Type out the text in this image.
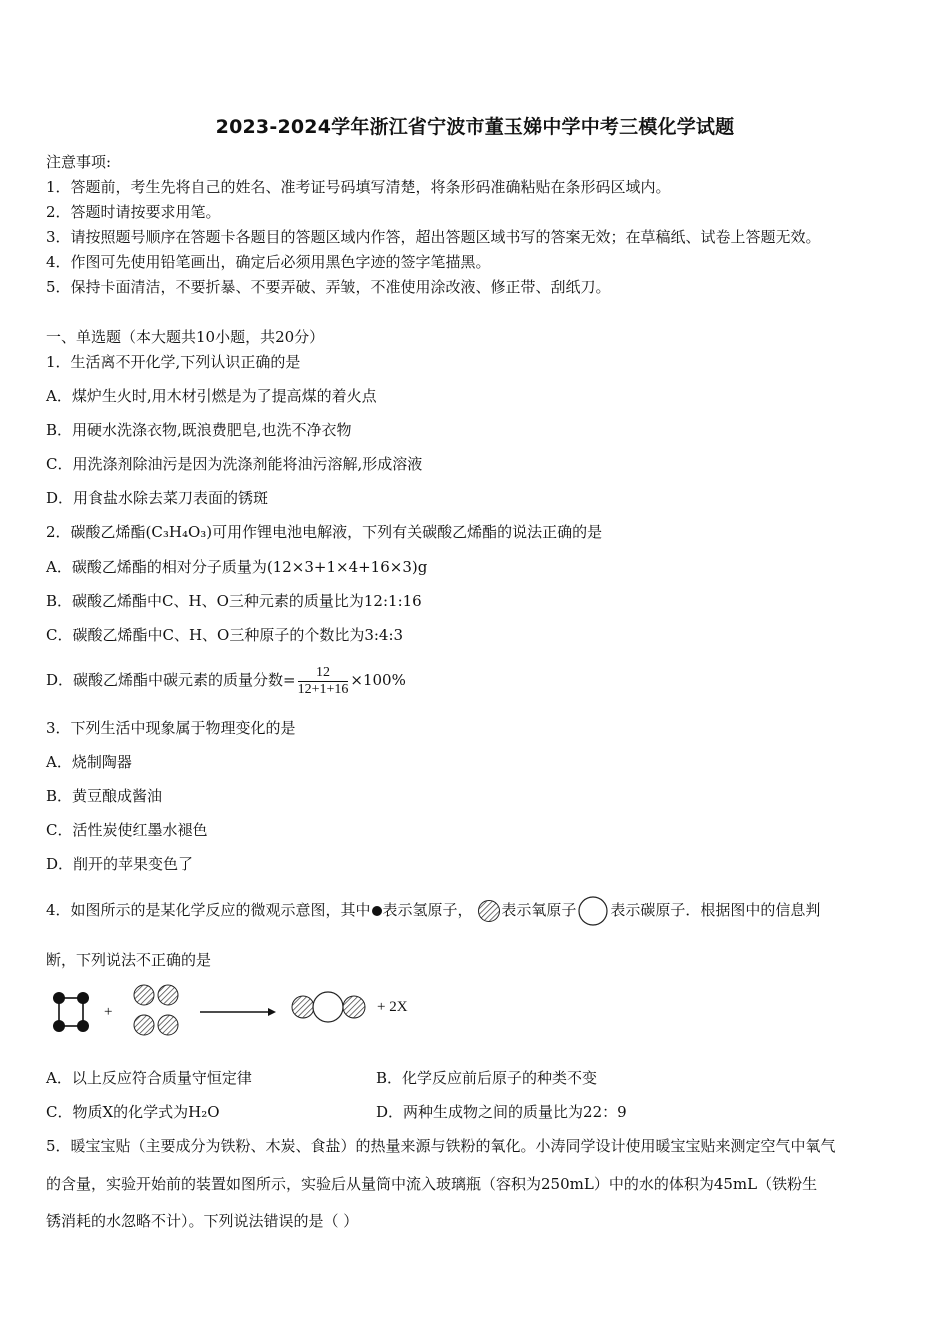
2023-2024学年浙江省宁波市董玉娣中学中考三模化学试题
注意事项:
1．答题前，考生先将自己的姓名、准考证号码填写清楚，将条形码准确粘贴在条形码区域内。
2．答题时请按要求用笔。
3．请按照题号顺序在答题卡各题目的答题区域内作答，超出答题区域书写的答案无效；在草稿纸、试卷上答题无效。
4．作图可先使用铅笔画出，确定后必须用黑色字迹的签字笔描黑。
5．保持卡面清洁，不要折暴、不要弄破、弄皱，不准使用涂改液、修正带、刮纸刀。
一、单选题（本大题共10小题，共20分）
1．生活离不开化学,下列认识正确的是
A．煤炉生火时,用木材引燃是为了提高煤的着火点
B．用硬水洗涤衣物,既浪费肥皂,也洗不净衣物
C．用洗涤剂除油污是因为洗涤剂能将油污溶解,形成溶液
D．用食盐水除去菜刀表面的锈斑
2．碳酸乙烯酯(C₃H₄O₃)可用作锂电池电解液，下列有关碳酸乙烯酯的说法正确的是
A．碳酸乙烯酯的相对分子质量为(12×3+1×4+16×3)g
B．碳酸乙烯酯中C、H、O三种元素的质量比为12:1:16
C．碳酸乙烯酯中C、H、O三种原子的个数比为3:4:3
D．碳酸乙烯酯中碳元素的质量分数= $\frac{12}{12+1+16} \times 100\%$
3．下列生活中现象属于物理变化的是
A．烧制陶器
B．黄豆酿成酱油
C．活性炭使红墨水褪色
D．削开的苹果变色了
4．如图所示的是某化学反应的微观示意图，其中 表示氢原子， 表示氧原子 表示碳原子．根据图中的信息判
断，下列说法不正确的是
+	+ 2X
A．以上反应符合质量守恒定律	B．化学反应前后原子的种类不变
C．物质X的化学式为H₂O	D．两种生成物之间的质量比为22：9
5．暖宝宝贴（主要成分为铁粉、木炭、食盐）的热量来源与铁粉的氧化。小涛同学设计使用暖宝宝贴来测定空气中氧气
的含量，实验开始前的装置如图所示，实验后从量筒中流入玻璃瓶（容积为250mL）中的水的体积为45mL（铁粉生
锈消耗的水忽略不计）。下列说法错误的是（ ）
